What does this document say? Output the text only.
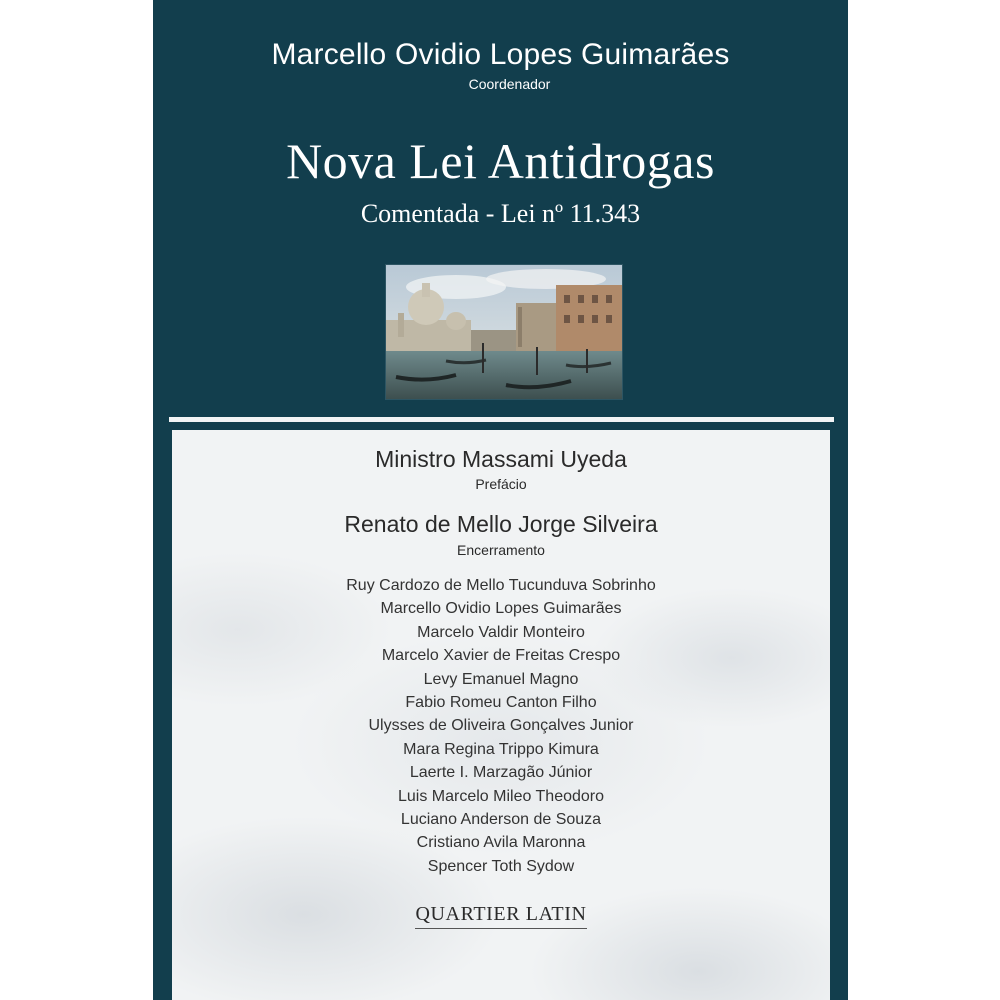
Marcello Ovidio Lopes Guimarães
Coordenador
Nova Lei Antidrogas
Comentada - Lei nº 11.343
Ministro Massami Uyeda
Prefácio
Renato de Mello Jorge Silveira
Encerramento
Ruy Cardozo de Mello Tucunduva Sobrinho
Marcello Ovidio Lopes Guimarães
Marcelo Valdir Monteiro
Marcelo Xavier de Freitas Crespo
Levy Emanuel Magno
Fabio Romeu Canton Filho
Ulysses de Oliveira Gonçalves Junior
Mara Regina Trippo Kimura
Laerte I. Marzagão Júnior
Luis Marcelo Mileo Theodoro
Luciano Anderson de Souza
Cristiano Avila Maronna
Spencer Toth Sydow
QUARTIER LATIN
